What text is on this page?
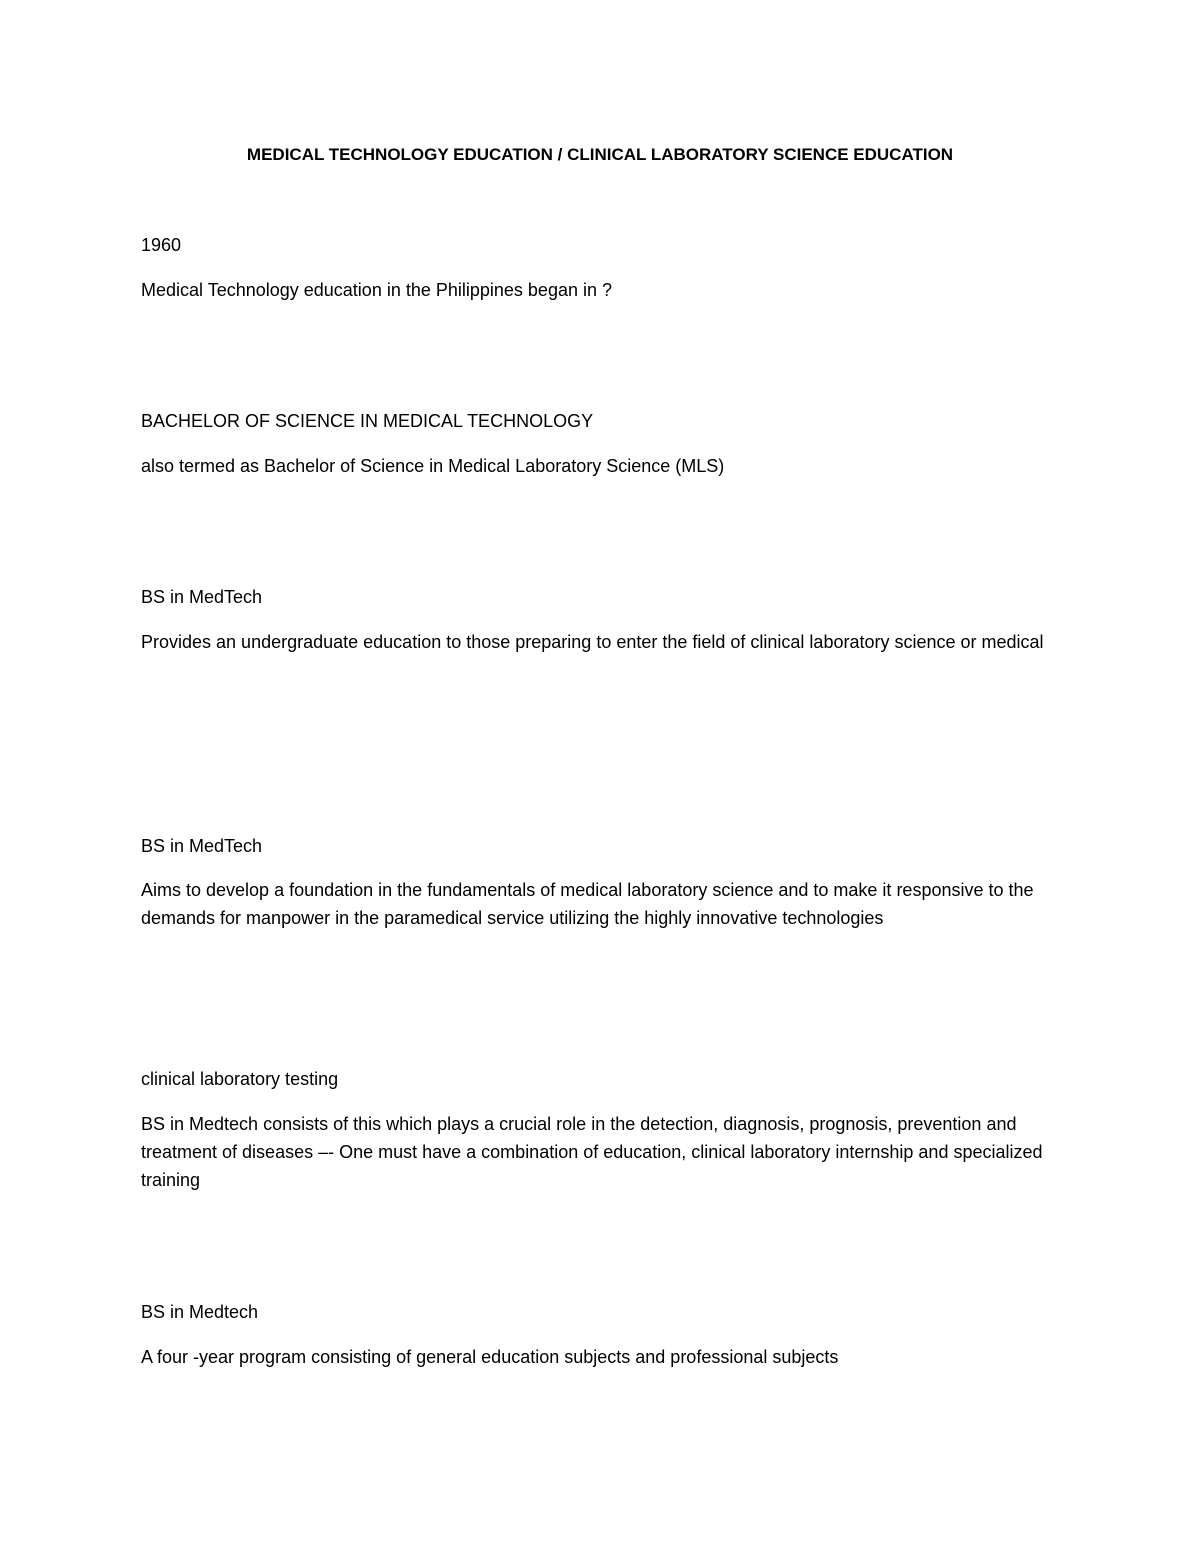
MEDICAL TECHNOLOGY EDUCATION / CLINICAL LABORATORY SCIENCE EDUCATION
1960
Medical Technology education in the Philippines began in ?
BACHELOR OF SCIENCE IN MEDICAL TECHNOLOGY
also termed as Bachelor of Science in Medical Laboratory Science (MLS)
BS in MedTech
Provides an undergraduate education to those preparing to enter the field of clinical laboratory science or medical
BS in MedTech
Aims to develop a foundation in the fundamentals of medical laboratory science and to make it responsive to the demands for manpower in the paramedical service utilizing the highly innovative technologies
clinical laboratory testing
BS in Medtech consists of this which plays a crucial role in the detection, diagnosis, prognosis, prevention and treatment of diseases –- One must have a combination of education, clinical laboratory internship and specialized training
BS in Medtech
A four -year program consisting of general education subjects and professional subjects
